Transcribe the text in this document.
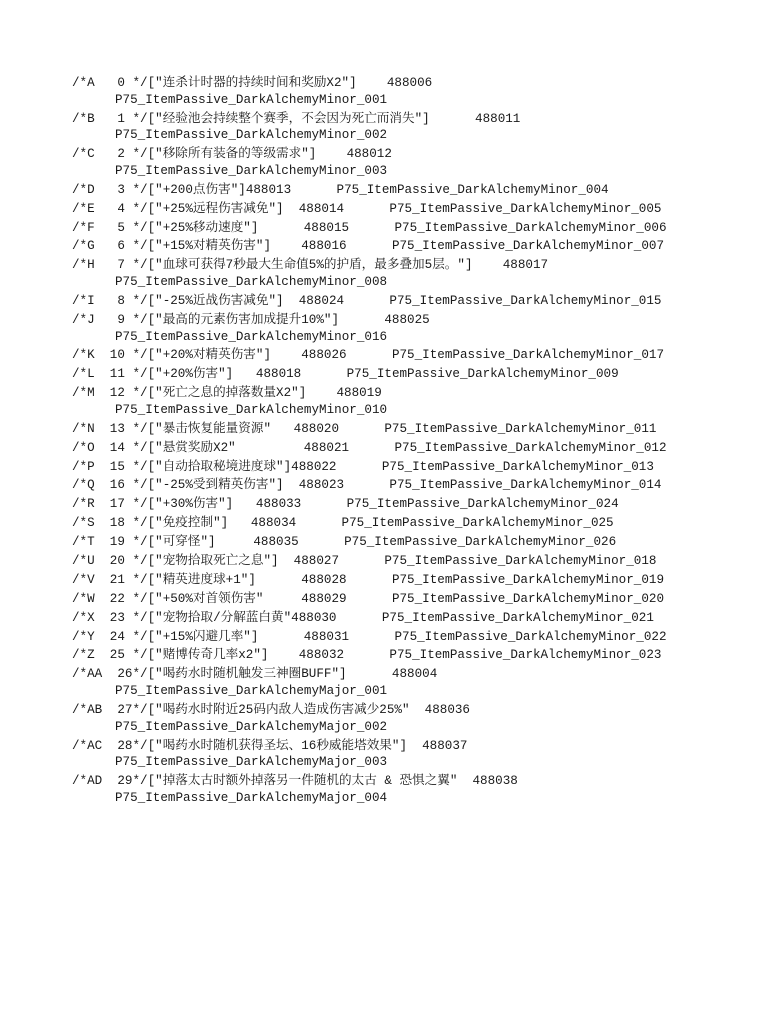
/*A   0 */["连杀计时器的持续时间和奖励X2"]    488006
P75_ItemPassive_DarkAlchemyMinor_001
/*B   1 */["经验池会持续整个赛季，不会因为死亡而消失"]      488011
P75_ItemPassive_DarkAlchemyMinor_002
/*C   2 */["移除所有装备的等级需求"]    488012
P75_ItemPassive_DarkAlchemyMinor_003
/*D   3 */["+200点伤害"]488013      P75_ItemPassive_DarkAlchemyMinor_004
/*E   4 */["+25%远程伤害减免"]  488014      P75_ItemPassive_DarkAlchemyMinor_005
/*F   5 */["+25%移动速度"]      488015      P75_ItemPassive_DarkAlchemyMinor_006
/*G   6 */["+15%对精英伤害"]    488016      P75_ItemPassive_DarkAlchemyMinor_007
/*H   7 */["血球可获得7秒最大生命值5%的护盾，最多叠加5层。"]    488017
P75_ItemPassive_DarkAlchemyMinor_008
/*I   8 */["-25%近战伤害减免"]  488024      P75_ItemPassive_DarkAlchemyMinor_015
/*J   9 */["最高的元素伤害加成提升10%"]      488025
P75_ItemPassive_DarkAlchemyMinor_016
/*K  10 */["+20%对精英伤害"]    488026      P75_ItemPassive_DarkAlchemyMinor_017
/*L  11 */["+20%伤害"]   488018      P75_ItemPassive_DarkAlchemyMinor_009
/*M  12 */["死亡之息的掉落数量X2"]    488019
P75_ItemPassive_DarkAlchemyMinor_010
/*N  13 */["暴击恢复能量资源"   488020      P75_ItemPassive_DarkAlchemyMinor_011
/*O  14 */["悬赏奖励X2"         488021      P75_ItemPassive_DarkAlchemyMinor_012
/*P  15 */["自动拾取秘境进度球"]488022      P75_ItemPassive_DarkAlchemyMinor_013
/*Q  16 */["-25%受到精英伤害"]  488023      P75_ItemPassive_DarkAlchemyMinor_014
/*R  17 */["+30%伤害"]   488033      P75_ItemPassive_DarkAlchemyMinor_024
/*S  18 */["免疫控制"]   488034      P75_ItemPassive_DarkAlchemyMinor_025
/*T  19 */["可穿怪"]     488035      P75_ItemPassive_DarkAlchemyMinor_026
/*U  20 */["宠物拾取死亡之息"]  488027      P75_ItemPassive_DarkAlchemyMinor_018
/*V  21 */["精英进度球+1"]      488028      P75_ItemPassive_DarkAlchemyMinor_019
/*W  22 */["+50%对首领伤害"     488029      P75_ItemPassive_DarkAlchemyMinor_020
/*X  23 */["宠物拾取/分解蓝白黄"488030      P75_ItemPassive_DarkAlchemyMinor_021
/*Y  24 */["+15%闪避几率"]      488031      P75_ItemPassive_DarkAlchemyMinor_022
/*Z  25 */["赌博传奇几率x2"]    488032      P75_ItemPassive_DarkAlchemyMinor_023
/*AA  26*/["喝药水时随机触发三神圈BUFF"]      488004
P75_ItemPassive_DarkAlchemyMajor_001
/*AB  27*/["喝药水时附近25码内敌人造成伤害减少25%"  488036
P75_ItemPassive_DarkAlchemyMajor_002
/*AC  28*/["喝药水时随机获得圣坛、16秒威能塔效果"]  488037
P75_ItemPassive_DarkAlchemyMajor_003
/*AD  29*/["掉落太古时额外掉落另一件随机的太古 & 恐惧之翼"  488038
P75_ItemPassive_DarkAlchemyMajor_004
